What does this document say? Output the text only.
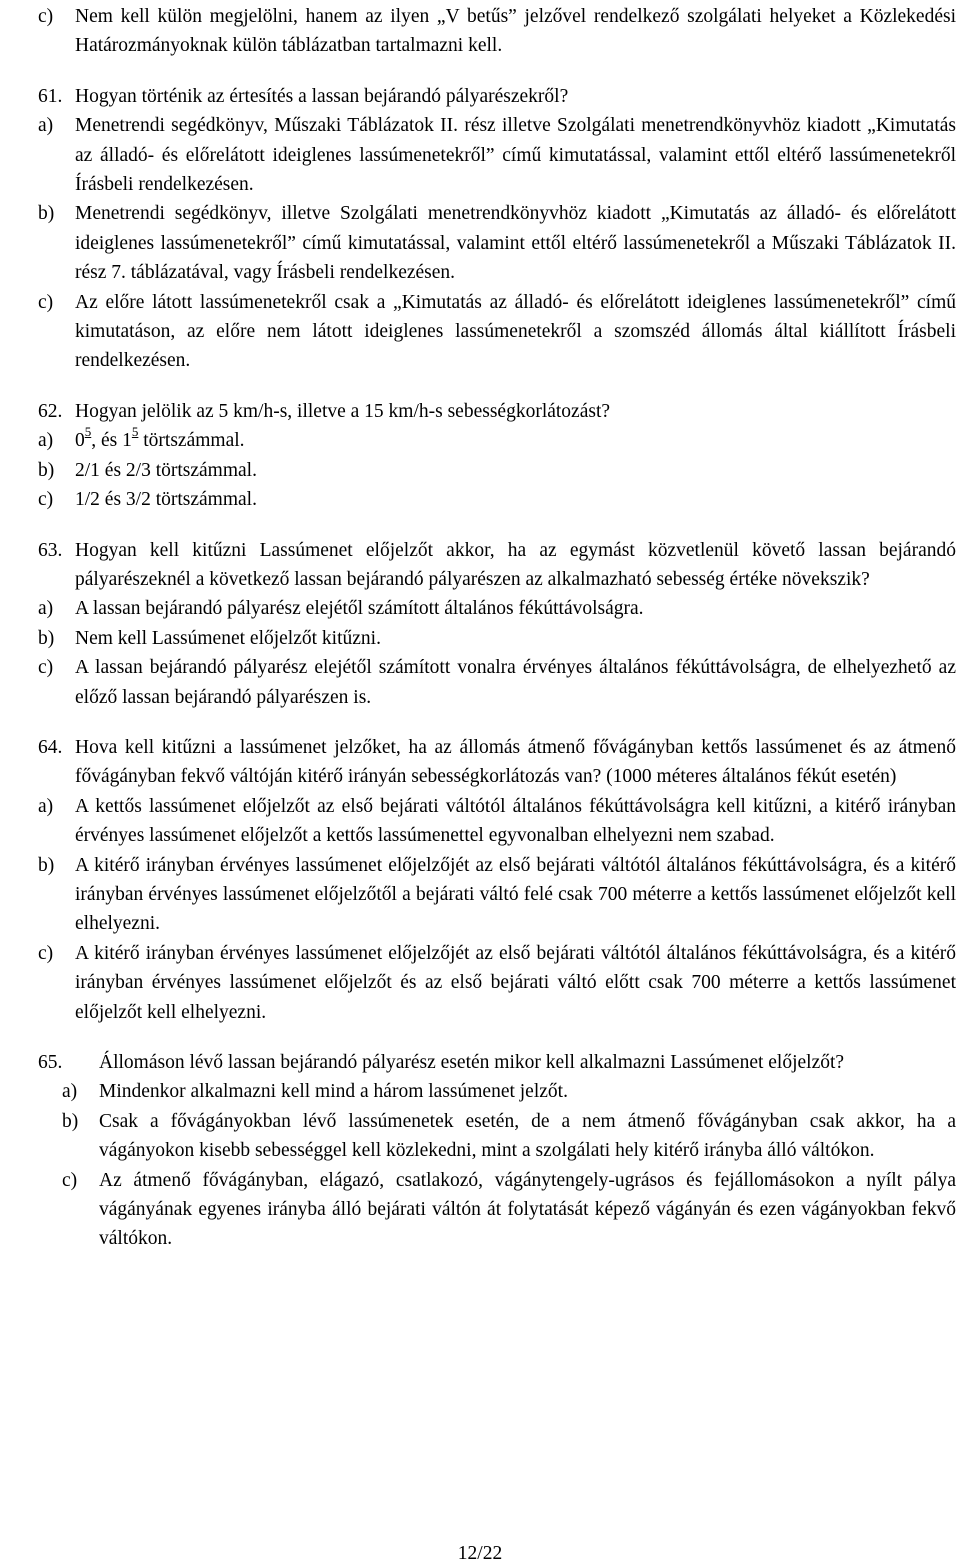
c)	Nem kell külön megjelölni, hanem az ilyen „V betűs” jelzővel rendelkező szolgálati helyeket a Közlekedési Határozmányoknak külön táblázatban tartalmazni kell.
61. Hogyan történik az értesítés a lassan bejárandó pályarészekről?
a)	Menetrendi segédkönyv, Műszaki Táblázatok II. rész illetve Szolgálati menetrendkönyvhöz kiadott „Kimutatás az álladó- és előrelátott ideiglenes lassúmenetekről” című kimutatással, valamint ettől eltérő lassúmenetekről Írásbeli rendelkezésen.
b)	Menetrendi segédkönyv, illetve Szolgálati menetrendkönyvhöz kiadott „Kimutatás az álladó- és előrelátott ideiglenes lassúmenetekről” című kimutatással, valamint ettől eltérő lassúmenetekről a Műszaki Táblázatok II. rész 7. táblázatával, vagy Írásbeli rendelkezésen.
c)	Az előre látott lassúmenetekről csak a „Kimutatás az álladó- és előrelátott ideiglenes lassúmenetekről” című kimutatáson, az előre nem látott ideiglenes lassúmenetekről a szomszéd állomás által kiállított Írásbeli rendelkezésen.
62. Hogyan jelölik az 5 km/h-s, illetve a 15 km/h-s sebességkorlátozást?
a)	$0^5$, és $1^5$ törtszámmal.
b)	2/1 és 2/3 törtszámmal.
c)	1/2 és 3/2 törtszámmal.
63. Hogyan kell kitűzni Lassúmenet előjelzőt akkor, ha az egymást közvetlenül követő lassan bejárandó pályarészeknél a következő lassan bejárandó pályarészen az alkalmazható sebesség értéke növekszik?
a)	A lassan bejárandó pályarész elejétől számított általános fékúttávolságra.
b)	Nem kell Lassúmenet előjelzőt kitűzni.
c)	A lassan bejárandó pályarész elejétől számított vonalra érvényes általános fékúttávolságra, de elhelyezhető az előző lassan bejárandó pályarészen is.
64. Hova kell kitűzni a lassúmenet jelzőket, ha az állomás átmenő fővágányban kettős lassúmenet és az átmenő fővágányban fekvő váltóján kitérő irányán sebességkorlátozás van? (1000 méteres általános fékút esetén)
a)	A kettős lassúmenet előjelzőt az első bejárati váltótól általános fékúttávolságra kell kitűzni, a kitérő irányban érvényes lassúmenet előjelzőt a kettős lassúmenettel egyvonalban elhelyezni nem szabad.
b)	A kitérő irányban érvényes lassúmenet előjelzőjét az első bejárati váltótól általános fékúttávolságra, és a kitérő irányban érvényes lassúmenet előjelzőtől a bejárati váltó felé csak 700 méterre a kettős lassúmenet előjelzőt kell elhelyezni.
c)	A kitérő irányban érvényes lassúmenet előjelzőjét az első bejárati váltótól általános fékúttávolságra, és a kitérő irányban érvényes lassúmenet előjelzőt és az első bejárati váltó előtt csak 700 méterre a kettős lassúmenet előjelzőt kell elhelyezni.
65.	Állomáson lévő lassan bejárandó pályarész esetén mikor kell alkalmazni Lassúmenet előjelzőt?
a)	Mindenkor alkalmazni kell mind a három lassúmenet jelzőt.
b)	Csak a fővágányokban lévő lassúmenetek esetén, de a nem átmenő fővágányban csak akkor, ha a vágányokon kisebb sebességgel kell közlekedni, mint a szolgálati hely kitérő irányba álló váltókon.
c)	Az átmenő fővágányban, elágazó, csatlakozó, vágánytengely-ugrásos és fejállomásokon a nyílt pálya vágányának egyenes irányba álló bejárati váltón át folytatását képező vágányán és ezen vágányokban fekvő váltókon.
12/22
